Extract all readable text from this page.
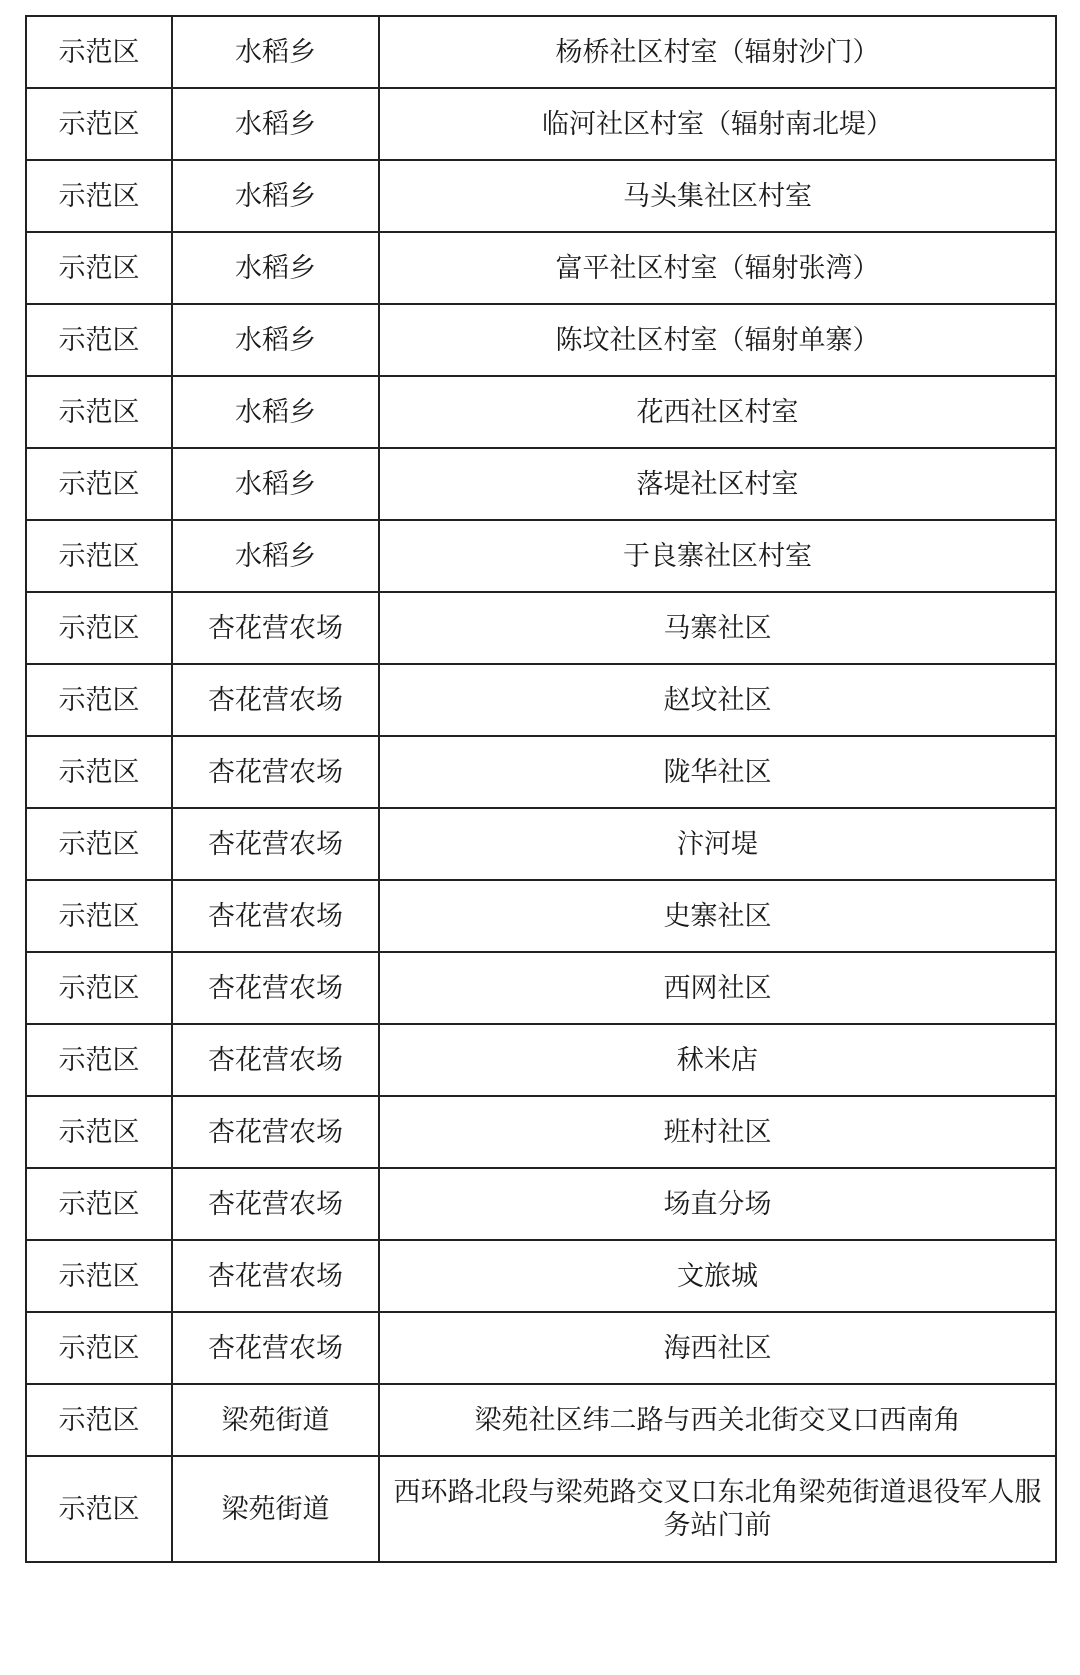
示范区	水稻乡	杨桥社区村室（辐射沙门）
示范区	水稻乡	临河社区村室（辐射南北堤）
示范区	水稻乡	马头集社区村室
示范区	水稻乡	富平社区村室（辐射张湾）
示范区	水稻乡	陈坟社区村室（辐射单寨）
示范区	水稻乡	花西社区村室
示范区	水稻乡	落堤社区村室
示范区	水稻乡	于良寨社区村室
示范区	杏花营农场	马寨社区
示范区	杏花营农场	赵坟社区
示范区	杏花营农场	陇华社区
示范区	杏花营农场	汴河堤
示范区	杏花营农场	史寨社区
示范区	杏花营农场	西网社区
示范区	杏花营农场	秫米店
示范区	杏花营农场	班村社区
示范区	杏花营农场	场直分场
示范区	杏花营农场	文旅城
示范区	杏花营农场	海西社区
示范区	梁苑街道	梁苑社区纬二路与西关北街交叉口西南角
示范区	梁苑街道	西环路北段与梁苑路交叉口东北角梁苑街道退役军人服务站门前
